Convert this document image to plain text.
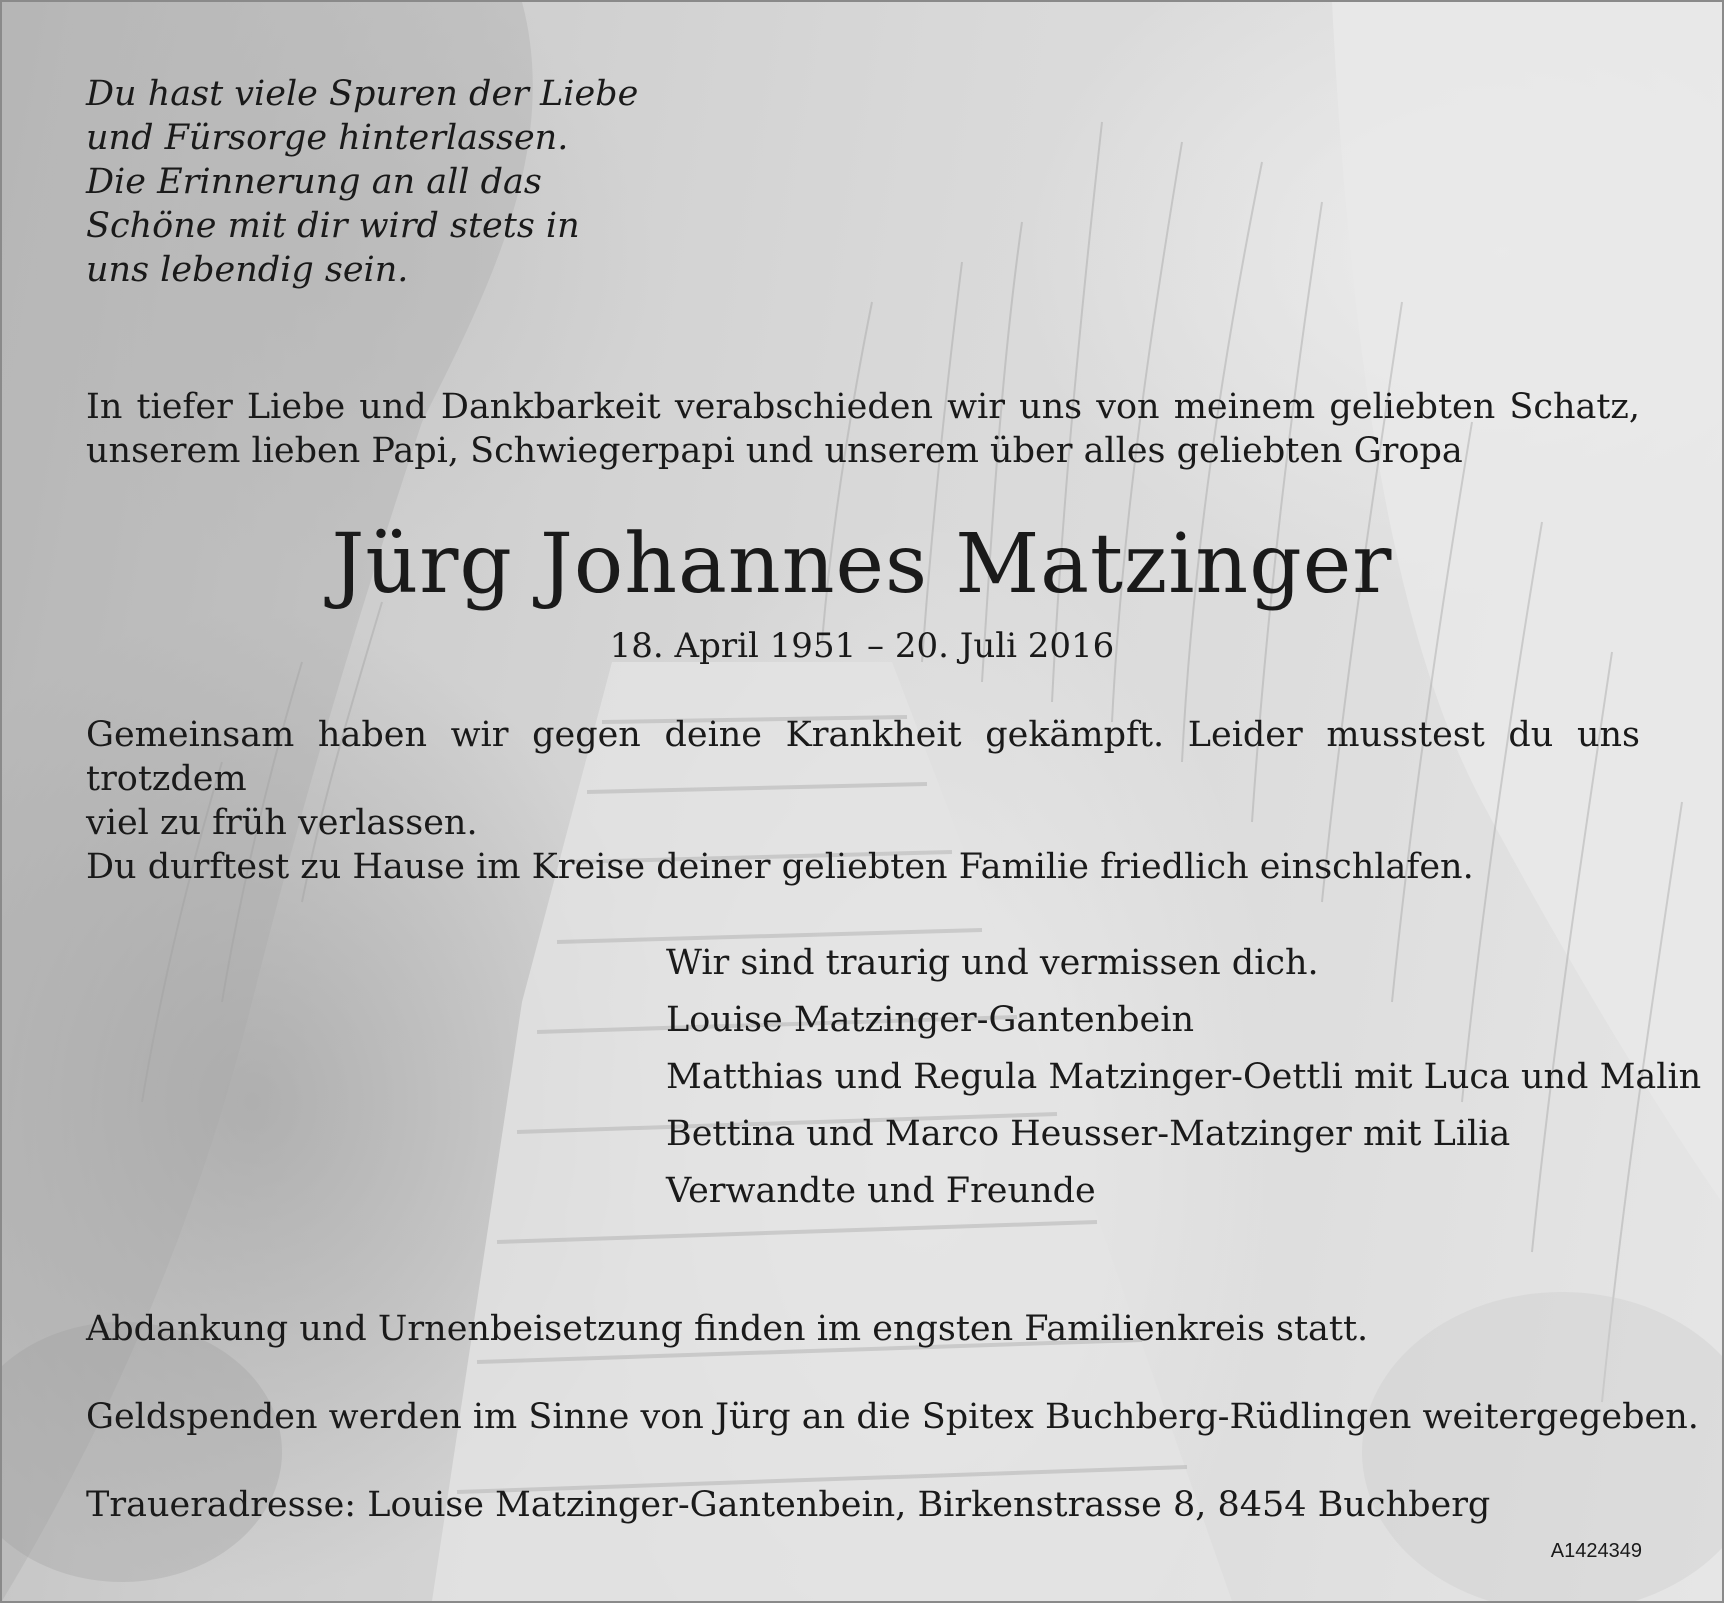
Du hast viele Spuren der Liebe
und Fürsorge hinterlassen.
Die Erinnerung an all das
Schöne mit dir wird stets in
uns lebendig sein.
In tiefer Liebe und Dankbarkeit verabschieden wir uns von meinem geliebten Schatz,
unserem lieben Papi, Schwiegerpapi und unserem über alles geliebten Gropa
Jürg Johannes Matzinger
18. April 1951 – 20. Juli 2016
Gemeinsam haben wir gegen deine Krankheit gekämpft. Leider musstest du uns trotzdem
viel zu früh verlassen.
Du durftest zu Hause im Kreise deiner geliebten Familie friedlich einschlafen.
Wir sind traurig und vermissen dich.
Louise Matzinger-Gantenbein
Matthias und Regula Matzinger-Oettli mit Luca und Malin
Bettina und Marco Heusser-Matzinger mit Lilia
Verwandte und Freunde
Abdankung und Urnenbeisetzung finden im engsten Familienkreis statt.
Geldspenden werden im Sinne von Jürg an die Spitex Buchberg-Rüdlingen weitergegeben.
Traueradresse: Louise Matzinger-Gantenbein, Birkenstrasse 8, 8454 Buchberg
A1424349
